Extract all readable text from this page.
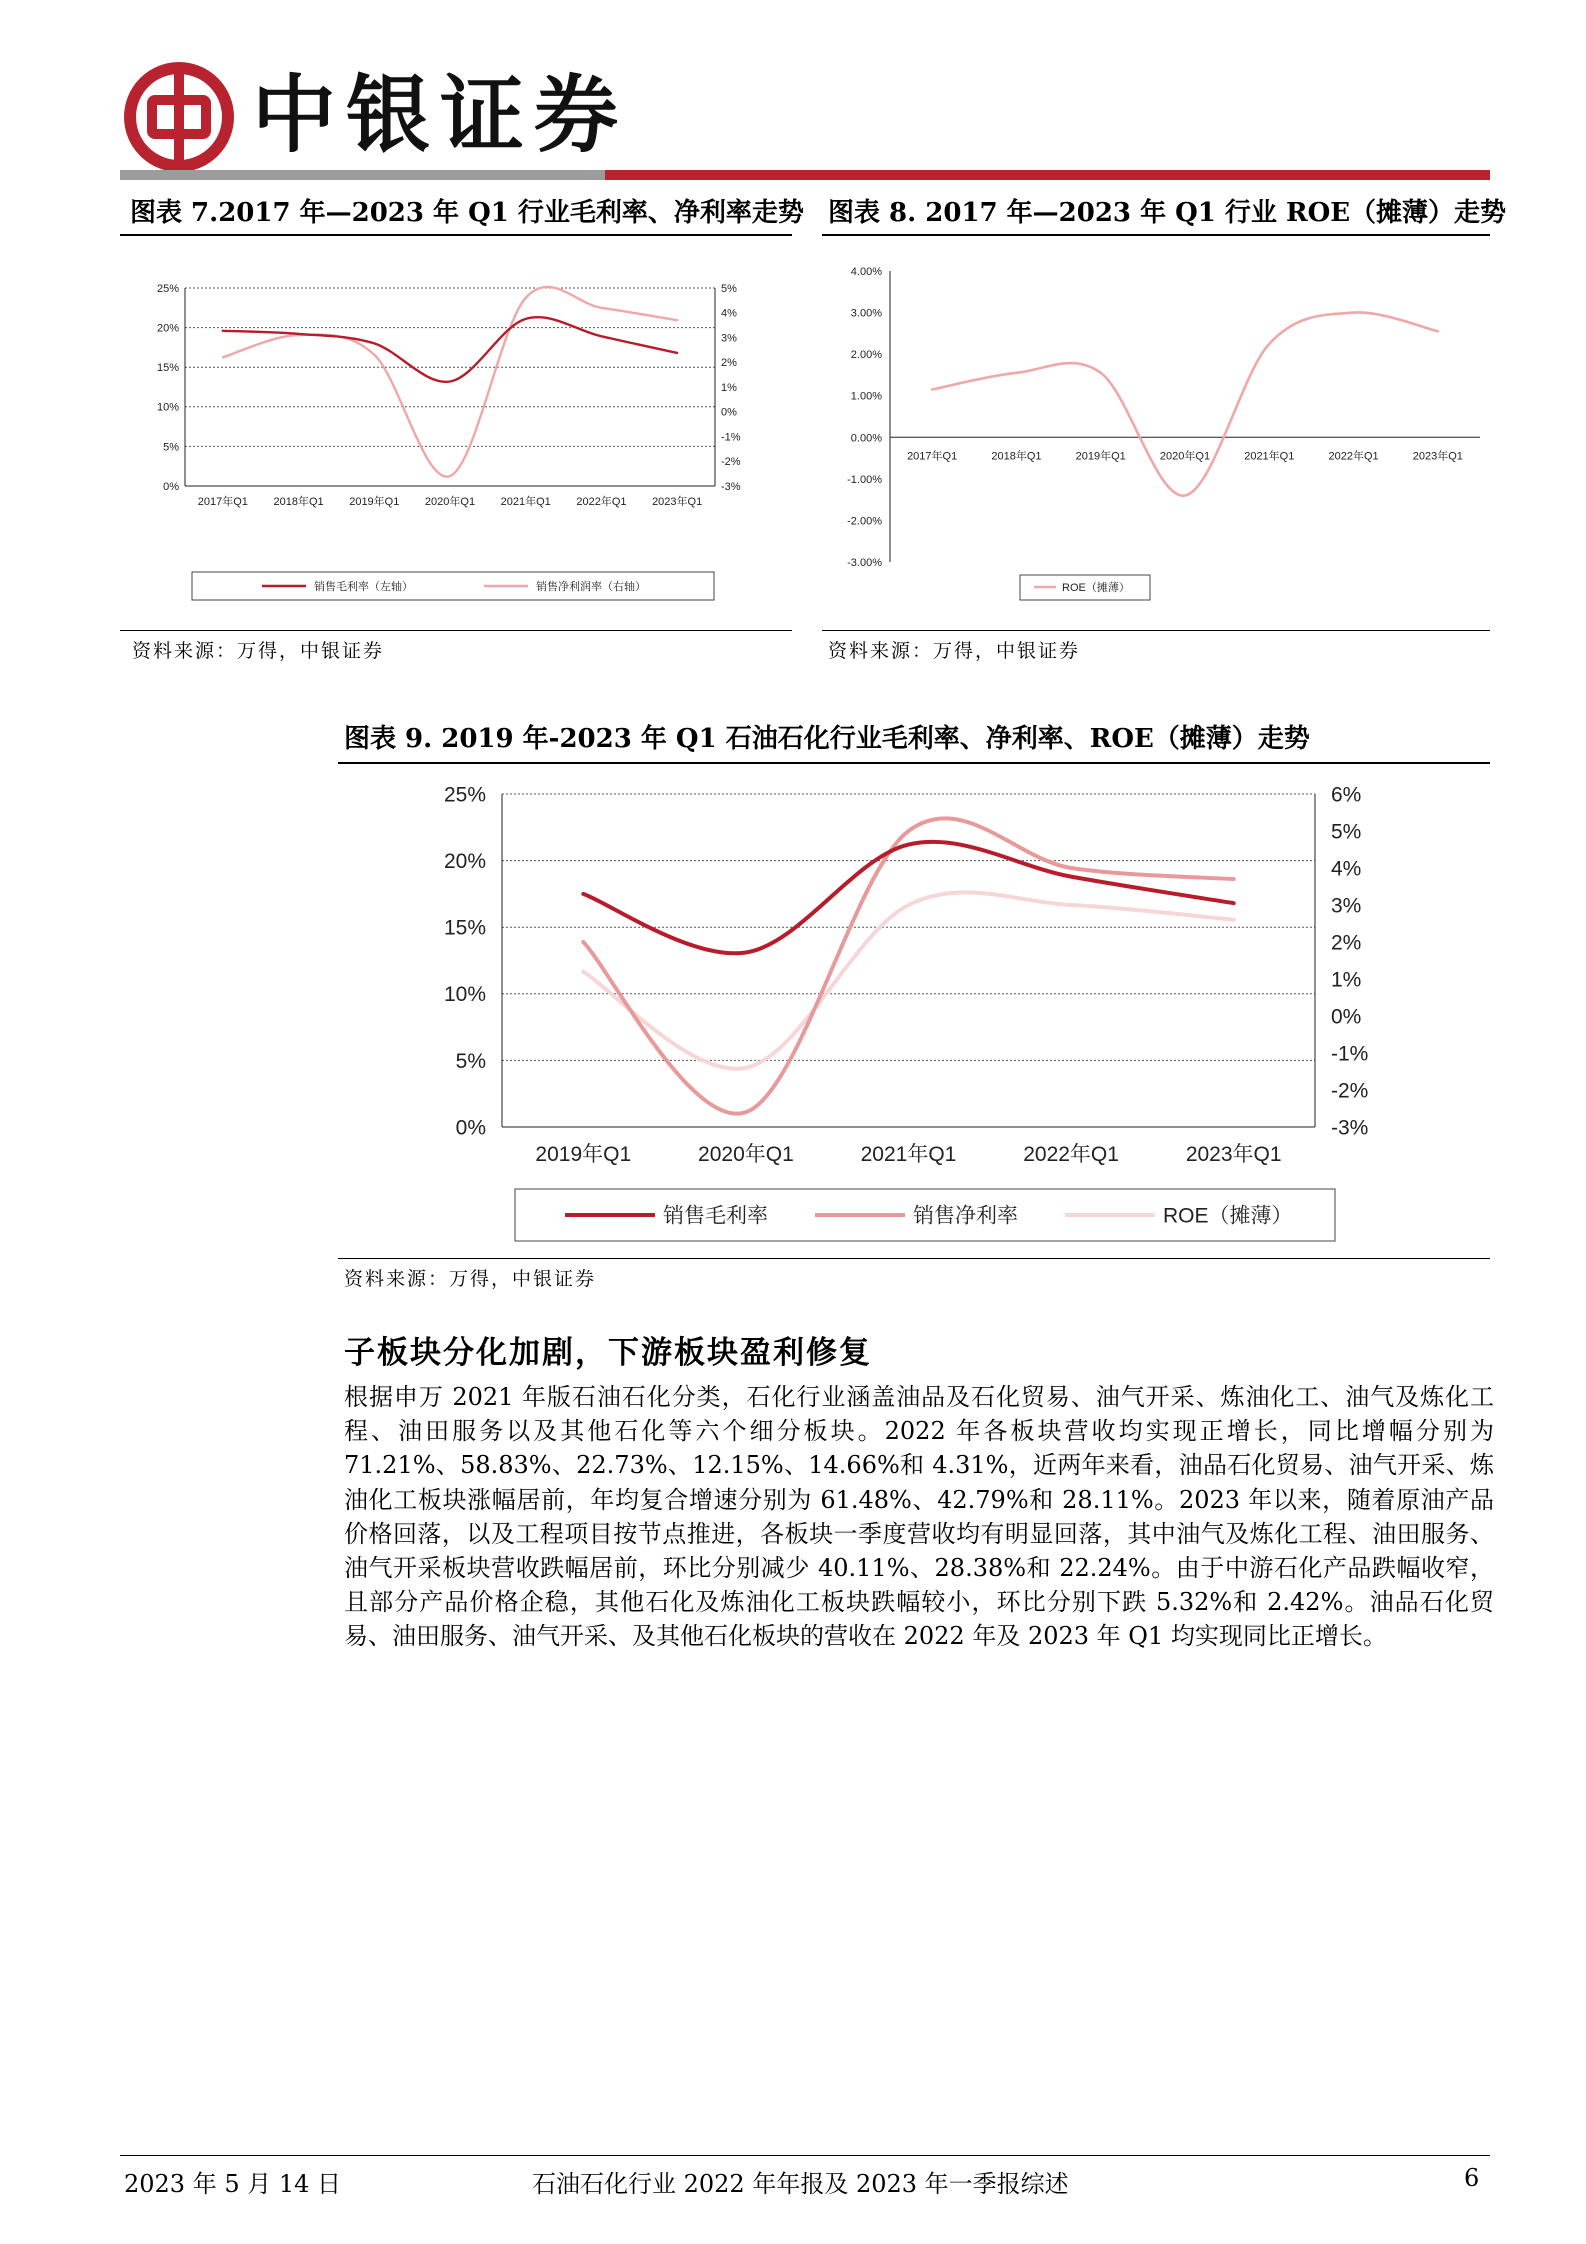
中银证券
图表 7.2017 年—2023 年 Q1 行业毛利率、净利率走势
0%
5%
10%
15%
20%
25%
-3%
-2%
-1%
0%
1%
2%
3%
4%
5%
2017年Q1 2018年Q1 2019年Q1 2020年Q1 2021年Q1 2022年Q1 2023年Q1
销售毛利率（左轴）	销售净利润率（右轴）
资料来源：万得，中银证券
图表 8. 2017 年—2023 年 Q1 行业 ROE（摊薄）走势
-3.00%
-2.00%
-1.00%
0.00%
1.00%
2.00%
3.00%
4.00%
2017年Q1	2018年Q1	2019年Q1	2020年Q1	2021年Q1	2022年Q1	2023年Q1
ROE（摊薄）
资料来源：万得，中银证券
图表 9. 2019 年-2023 年 Q1 石油石化行业毛利率、净利率、ROE（摊薄）走势
0%
5%
10%
15%
20%
25%
-3%
-2%
-1%
0%
1%
2%
3%
4%
5%
6%
2019年Q1	2020年Q1	2021年Q1	2022年Q1	2023年Q1
销售毛利率	销售净利率	ROE（摊薄）
资料来源：万得，中银证券
子板块分化加剧，下游板块盈利修复

根据申万 2021 年版石油石化分类，石化行业涵盖油品及石化贸易、油气开采、炼油化工、油气及炼化工程、油田服务以及其他石化等六个细分板块。2022 年各板块营收均实现正增长，同比增幅分别为 71.21%、58.83%、22.73%、12.15%、14.66%和 4.31%，近两年来看，油品石化贸易、油气开采、炼油化工板块涨幅居前，年均复合增速分别为 61.48%、42.79%和 28.11%。2023 年以来，随着原油产品价格回落，以及工程项目按节点推进，各板块一季度营收均有明显回落，其中油气及炼化工程、油田服务、油气开采板块营收跌幅居前，环比分别减少 40.11%、28.38%和 22.24%。由于中游石化产品跌幅收窄，且部分产品价格企稳，其他石化及炼油化工板块跌幅较小，环比分别下跌 5.32%和 2.42%。油品石化贸易、油田服务、油气开采、及其他石化板块的营收在 2022 年及 2023 年 Q1 均实现同比正增长。

2023 年 5 月 14 日	石油石化行业 2022 年年报及 2023 年一季报综述	6
